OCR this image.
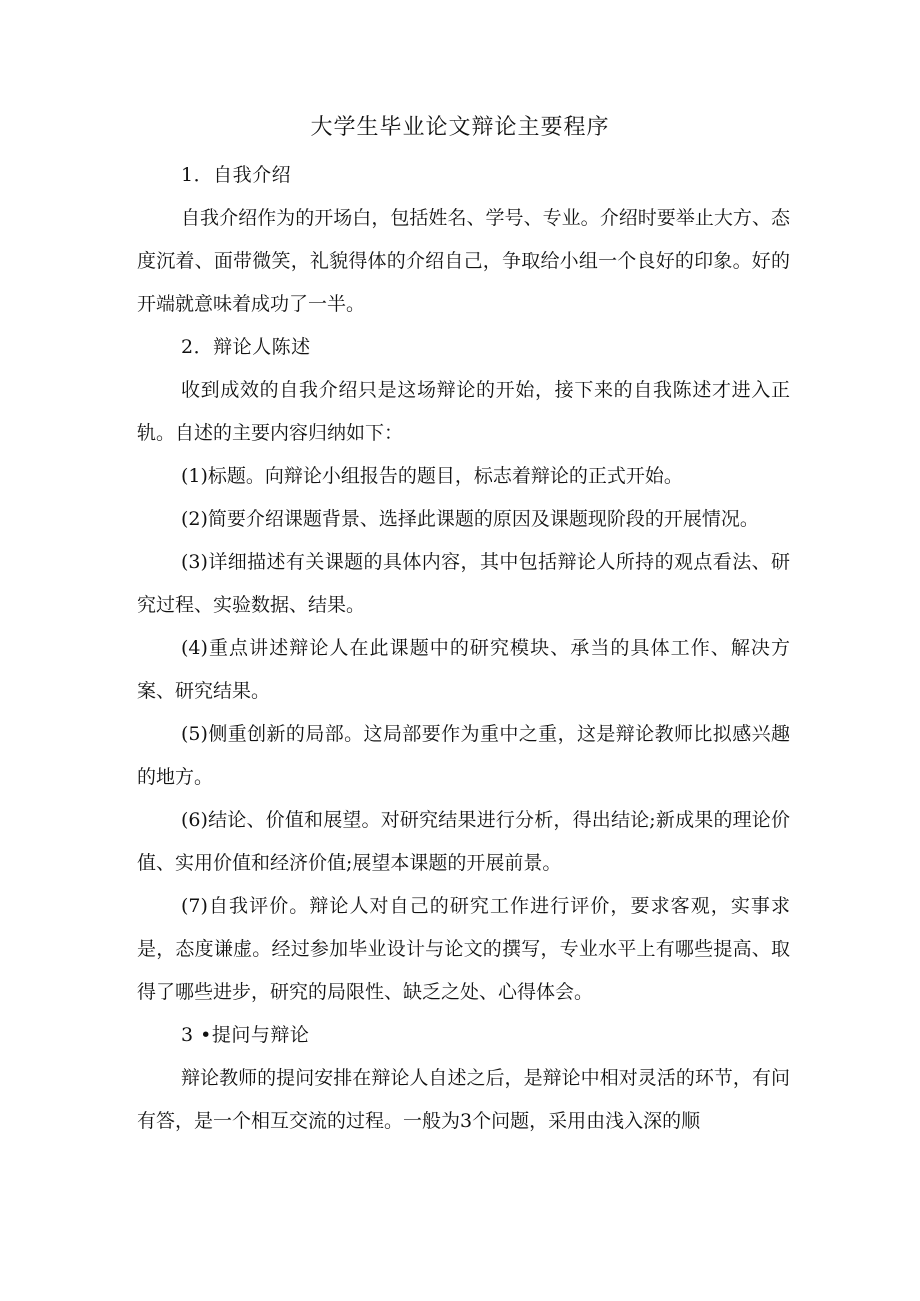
大学生毕业论文辩论主要程序

1．自我介绍

自我介绍作为的开场白，包括姓名、学号、专业。介绍时要举止大方、态度沉着、面带微笑，礼貌得体的介绍自己，争取给小组一个良好的印象。好的开端就意味着成功了一半。

2．辩论人陈述

收到成效的自我介绍只是这场辩论的开始，接下来的自我陈述才进入正轨。自述的主要内容归纳如下：

(1)标题。向辩论小组报告的题目，标志着辩论的正式开始。

(2)简要介绍课题背景、选择此课题的原因及课题现阶段的开展情况。

(3)详细描述有关课题的具体内容，其中包括辩论人所持的观点看法、研究过程、实验数据、结果。

(4)重点讲述辩论人在此课题中的研究模块、承当的具体工作、解决方案、研究结果。

(5)侧重创新的局部。这局部要作为重中之重，这是辩论教师比拟感兴趣的地方。

(6)结论、价值和展望。对研究结果进行分析，得出结论;新成果的理论价值、实用价值和经济价值;展望本课题的开展前景。

(7)自我评价。辩论人对自己的研究工作进行评价，要求客观，实事求是，态度谦虚。经过参加毕业设计与论文的撰写，专业水平上有哪些提高、取得了哪些进步，研究的局限性、缺乏之处、心得体会。

3 •提问与辩论

辩论教师的提问安排在辩论人自述之后，是辩论中相对灵活的环节，有问有答，是一个相互交流的过程。一般为3个问题，采用由浅入深的顺
